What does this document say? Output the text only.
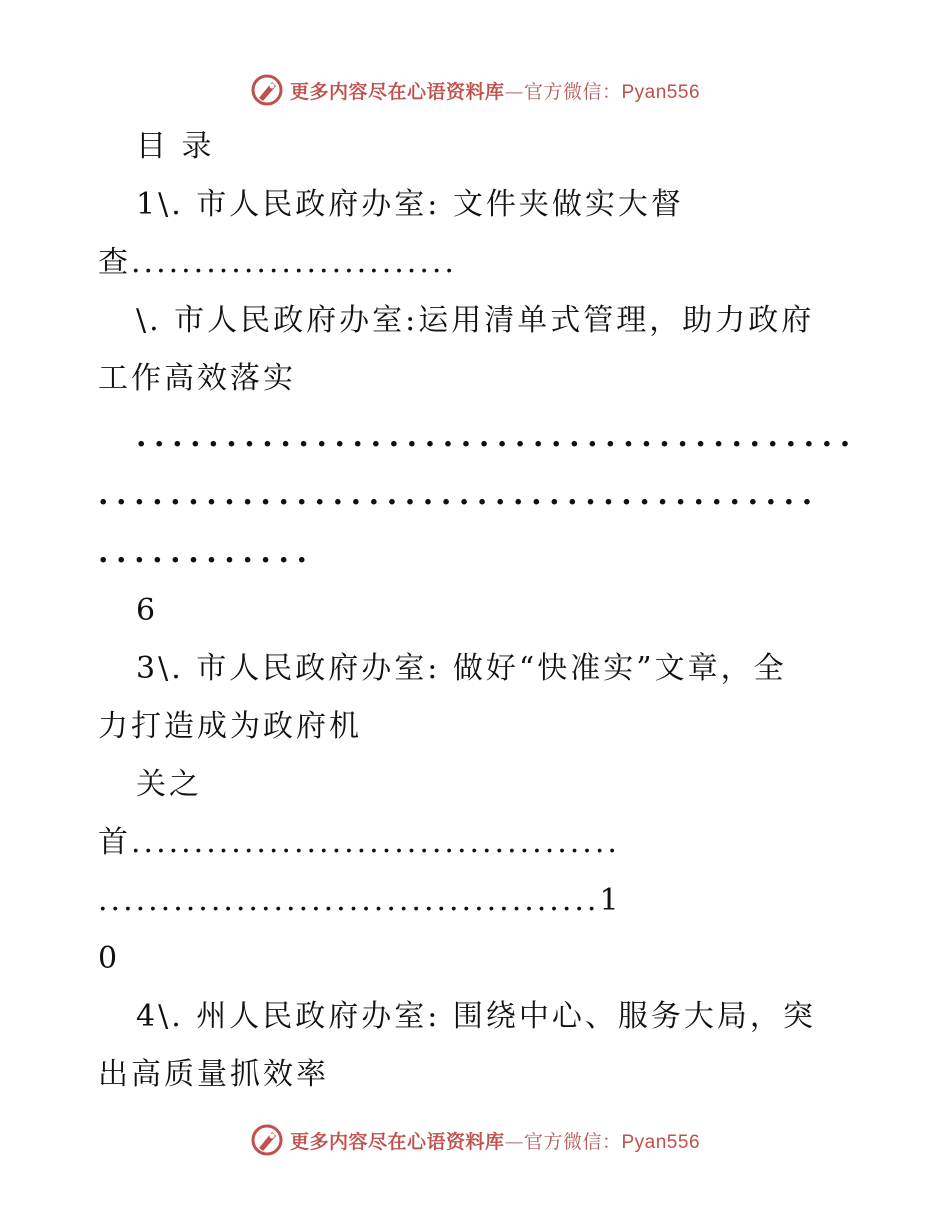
更多内容尽在心语资料库—官方微信：Pyan556
目 录
1\. 市人民政府办室: 文件夹做实大督
查..........................
\. 市人民政府办室:运用清单式管理，助力政府
工作高效落实
........................................
........................................
............
6
3\. 市人民政府办室: 做好“快准实”文章，全
力打造成为政府机
关之
首.......................................
........................................1
0
4\. 州人民政府办室: 围绕中心、服务大局，突
出高质量抓效率
更多内容尽在心语资料库—官方微信：Pyan556
